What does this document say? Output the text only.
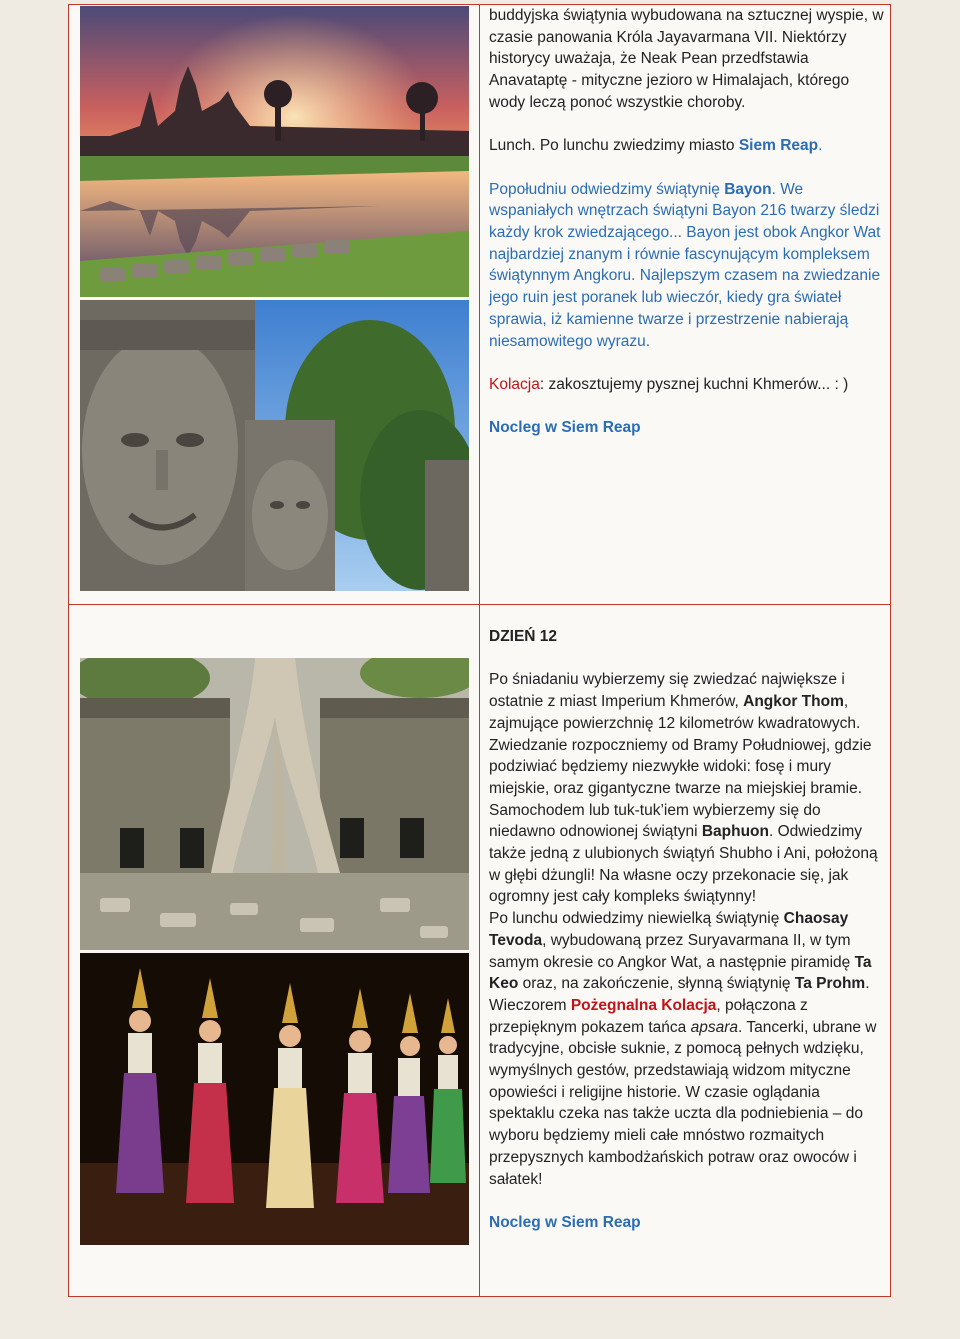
buddyjska świątynia wybudowana na sztucznej wyspie, w czasie panowania Króla Jayavarmana VII. Niektórzy historycy uważaja, że Neak Pean przedfstawia Anavataptę - mityczne jezioro w Himalajach, którego wody leczą ponoć wszystkie choroby.

Lunch. Po lunchu zwiedzimy miasto Siem Reap.

Popołudniu odwiedzimy świątynię Bayon. We wspaniałych wnętrzach świątyni Bayon 216 twarzy śledzi każdy krok zwiedzającego... Bayon jest obok Angkor Wat najbardziej znanym i równie fascynującym kompleksem świątynnym Angkoru. Najlepszym czasem na zwiedzanie jego ruin jest poranek lub wieczór, kiedy gra świateł sprawia, iż kamienne twarze i przestrzenie nabierają niesamowitego wyrazu.

Kolacja: zakosztujemy pysznej kuchni Khmerów... : )

Nocleg w Siem Reap

DZIEŃ 12

Po śniadaniu wybierzemy się zwiedzać największe i ostatnie z miast Imperium Khmerów, Angkor Thom, zajmujące powierzchnię 12 kilometrów kwadratowych. Zwiedzanie rozpoczniemy od Bramy Południowej, gdzie podziwiać będziemy niezwykłe widoki: fosę i mury miejskie, oraz gigantyczne twarze na miejskiej bramie. Samochodem lub tuk-tuk’iem wybierzemy się do niedawno odnowionej świątyni Baphuon. Odwiedzimy także jedną z ulubionych świątyń Shubho i Ani, położoną w głębi dżungli! Na własne oczy przekonacie się, jak ogromny jest cały kompleks świątynny!

Po lunchu odwiedzimy niewielką świątynię Chaosay Tevoda, wybudowaną przez Suryavarmana II, w tym samym okresie co Angkor Wat, a następnie piramidę Ta Keo oraz, na zakończenie, słynną świątynię Ta Prohm.

Wieczorem Pożegnalna Kolacja, połączona z przepięknym pokazem tańca apsara. Tancerki, ubrane w tradycyjne, obcisłe suknie, z pomocą pełnych wdzięku, wymyślnych gestów, przedstawiają widzom mityczne opowieści i religijne historie. W czasie oglądania spektaklu czeka nas także uczta dla podniebienia – do wyboru będziemy mieli całe mnóstwo rozmaitych przepysznych kambodżańskich potraw oraz owoców i sałatek!

Nocleg w Siem Reap
